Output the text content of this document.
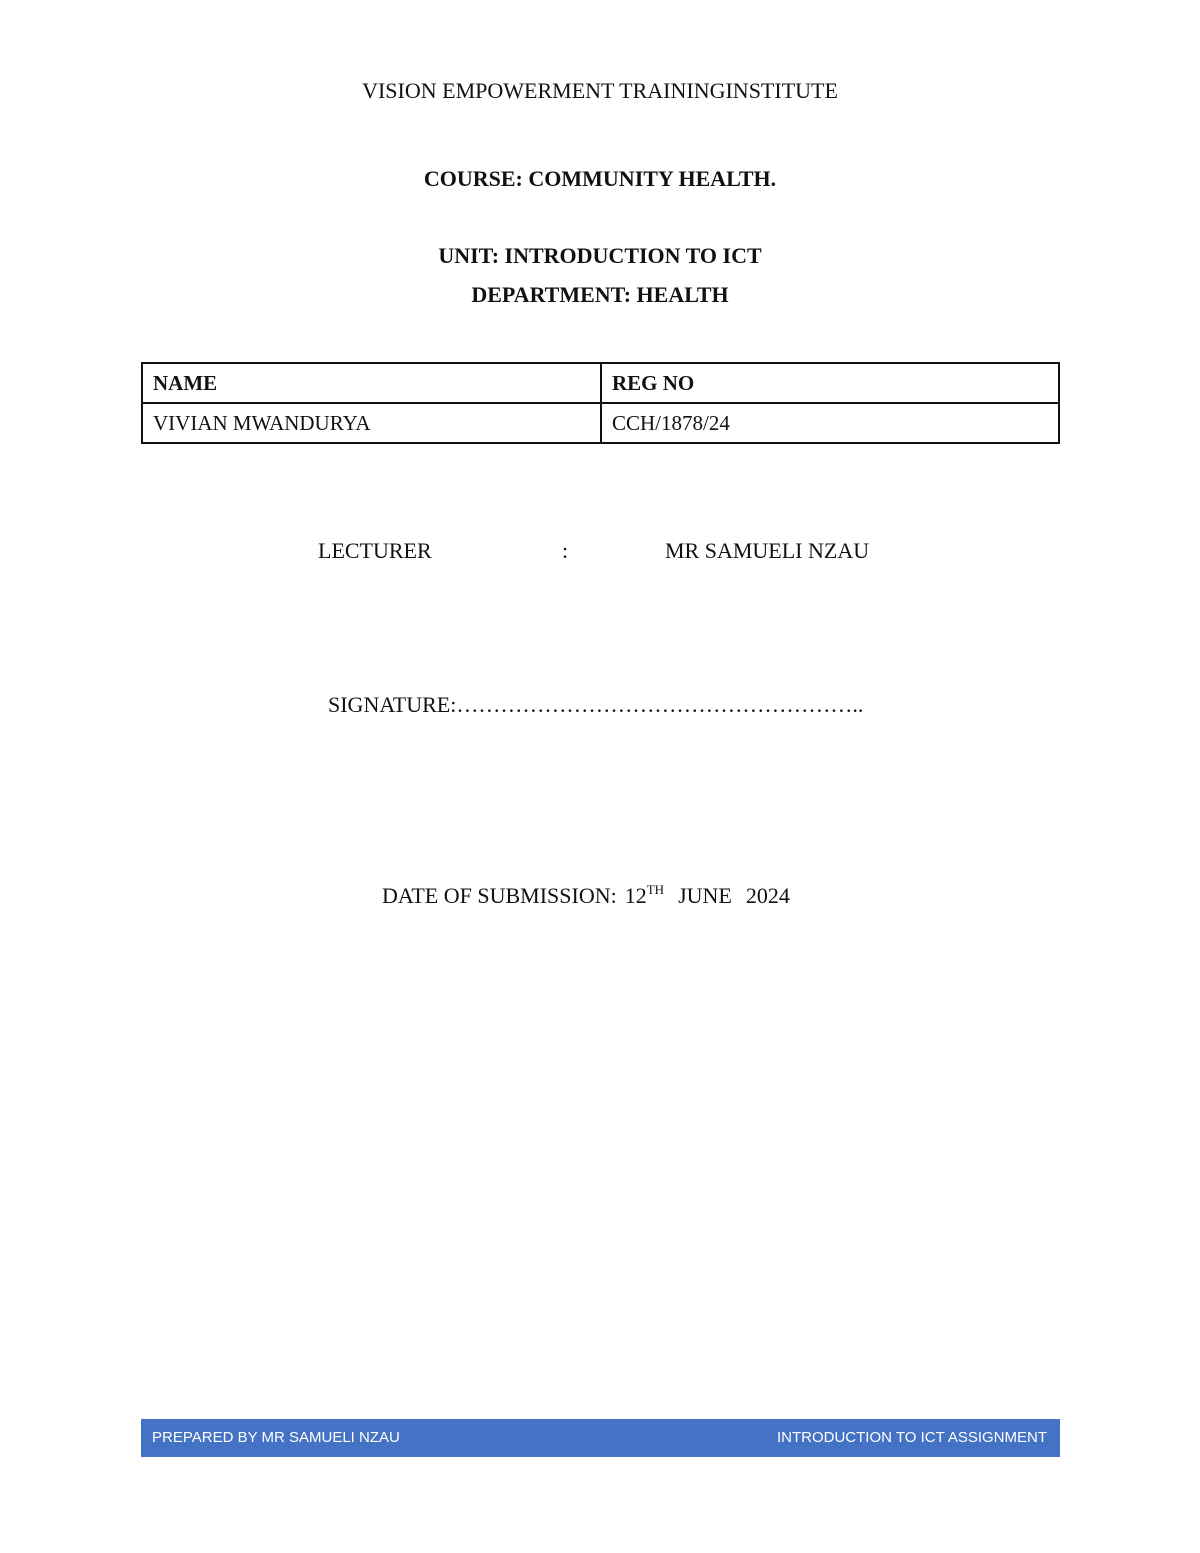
VISION EMPOWERMENT TRAININGINSTITUTE
COURSE: COMMUNITY HEALTH.
UNIT: INTRODUCTION TO ICT
DEPARTMENT: HEALTH
NAME	REG NO
VIVIAN MWANDURYA	CCH/1878/24
LECTURER	:	MR SAMUELI NZAU
SIGNATURE:………………………………………………..
DATE OF SUBMISSION: 12TH JUNE 2024
PREPARED BY MR SAMUELI NZAU	INTRODUCTION TO ICT ASSIGNMENT
